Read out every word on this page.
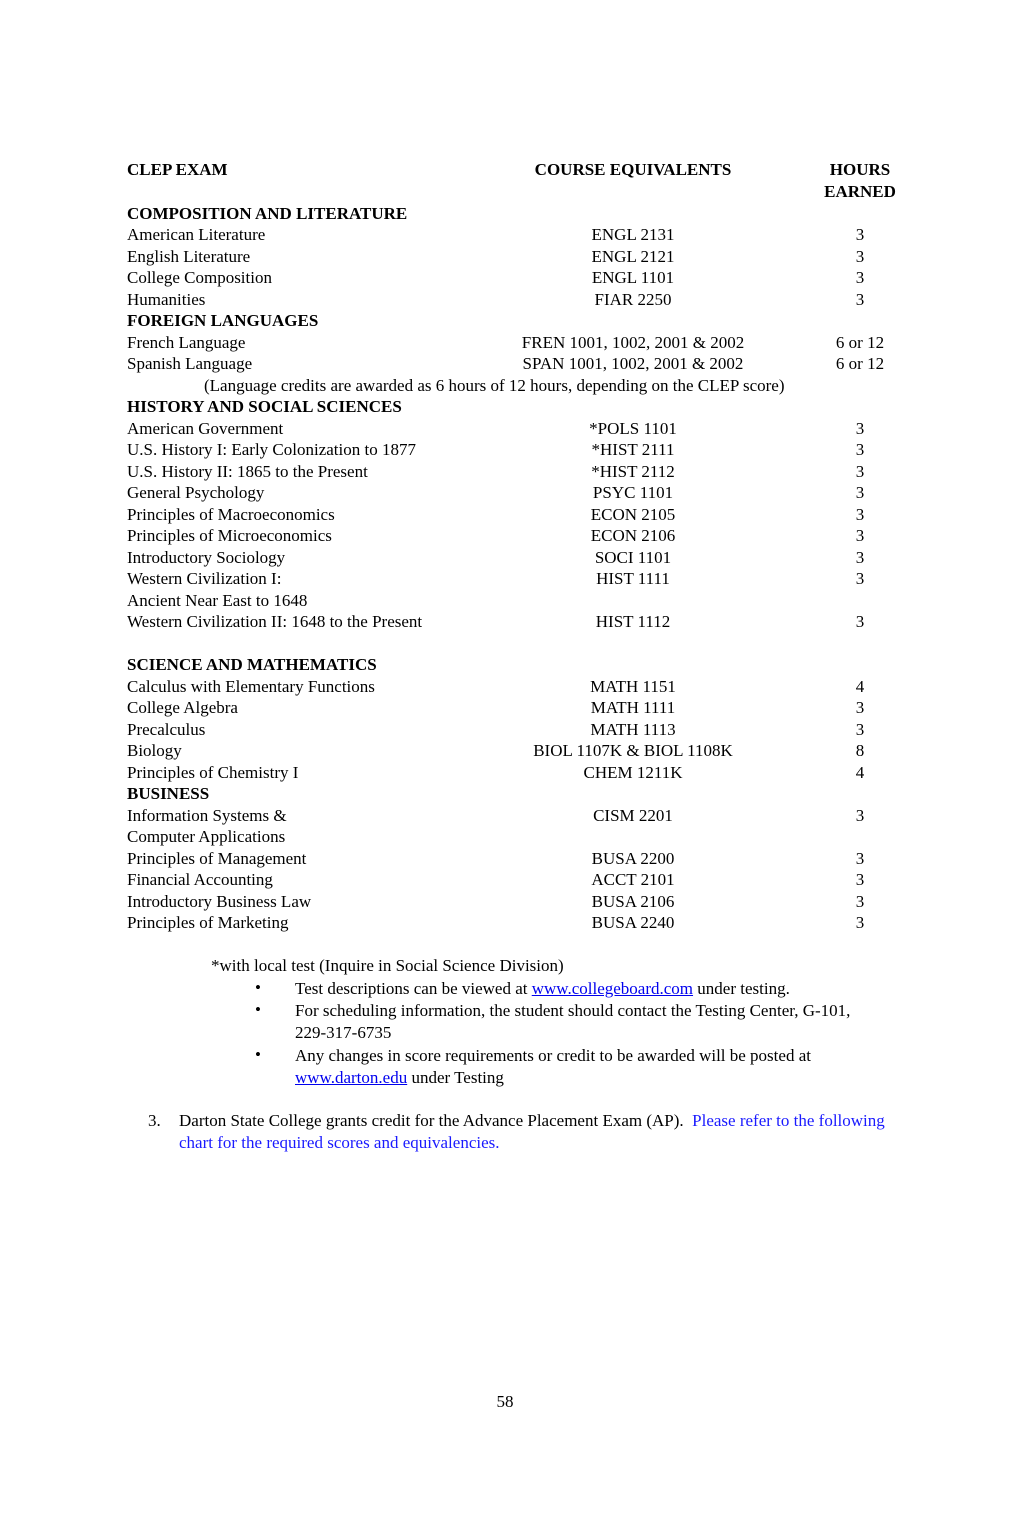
CLEP EXAM	COURSE EQUIVALENTS	HOURS
EARNED
COMPOSITION AND LITERATURE
American Literature	ENGL 2131	3
English Literature	ENGL 2121	3
College Composition	ENGL 1101	3
Humanities	FIAR 2250	3
FOREIGN LANGUAGES
French Language	FREN 1001, 1002, 2001 & 2002	6 or 12
Spanish Language	SPAN 1001, 1002, 2001 & 2002	6 or 12
(Language credits are awarded as 6 hours of 12 hours, depending on the CLEP score)
HISTORY AND SOCIAL SCIENCES
American Government	*POLS 1101	3
U.S. History I: Early Colonization to 1877	*HIST 2111	3
U.S. History II: 1865 to the Present	*HIST 2112	3
General Psychology	PSYC 1101	3
Principles of Macroeconomics	ECON 2105	3
Principles of Microeconomics	ECON 2106	3
Introductory Sociology	SOCI 1101	3
Western Civilization I:	HIST 1111	3
Ancient Near East to 1648
Western Civilization II: 1648 to the Present	HIST 1112	3
SCIENCE AND MATHEMATICS
Calculus with Elementary Functions	MATH 1151	4
College Algebra	MATH 1111	3
Precalculus	MATH 1113	3
Biology	BIOL 1107K & BIOL 1108K	8
Principles of Chemistry I	CHEM 1211K	4
BUSINESS
Information Systems &	CISM 2201	3
Computer Applications
Principles of Management	BUSA 2200	3
Financial Accounting	ACCT 2101	3
Introductory Business Law	BUSA 2106	3
Principles of Marketing	BUSA 2240	3
*with local test (Inquire in Social Science Division)
• Test descriptions can be viewed at www.collegeboard.com under testing.
• For scheduling information, the student should contact the Testing Center, G-101, 229-317-6735
• Any changes in score requirements or credit to be awarded will be posted at www.darton.edu under Testing
3.	Darton State College grants credit for the Advance Placement Exam (AP). Please refer to the following chart for the required scores and equivalencies.
58
